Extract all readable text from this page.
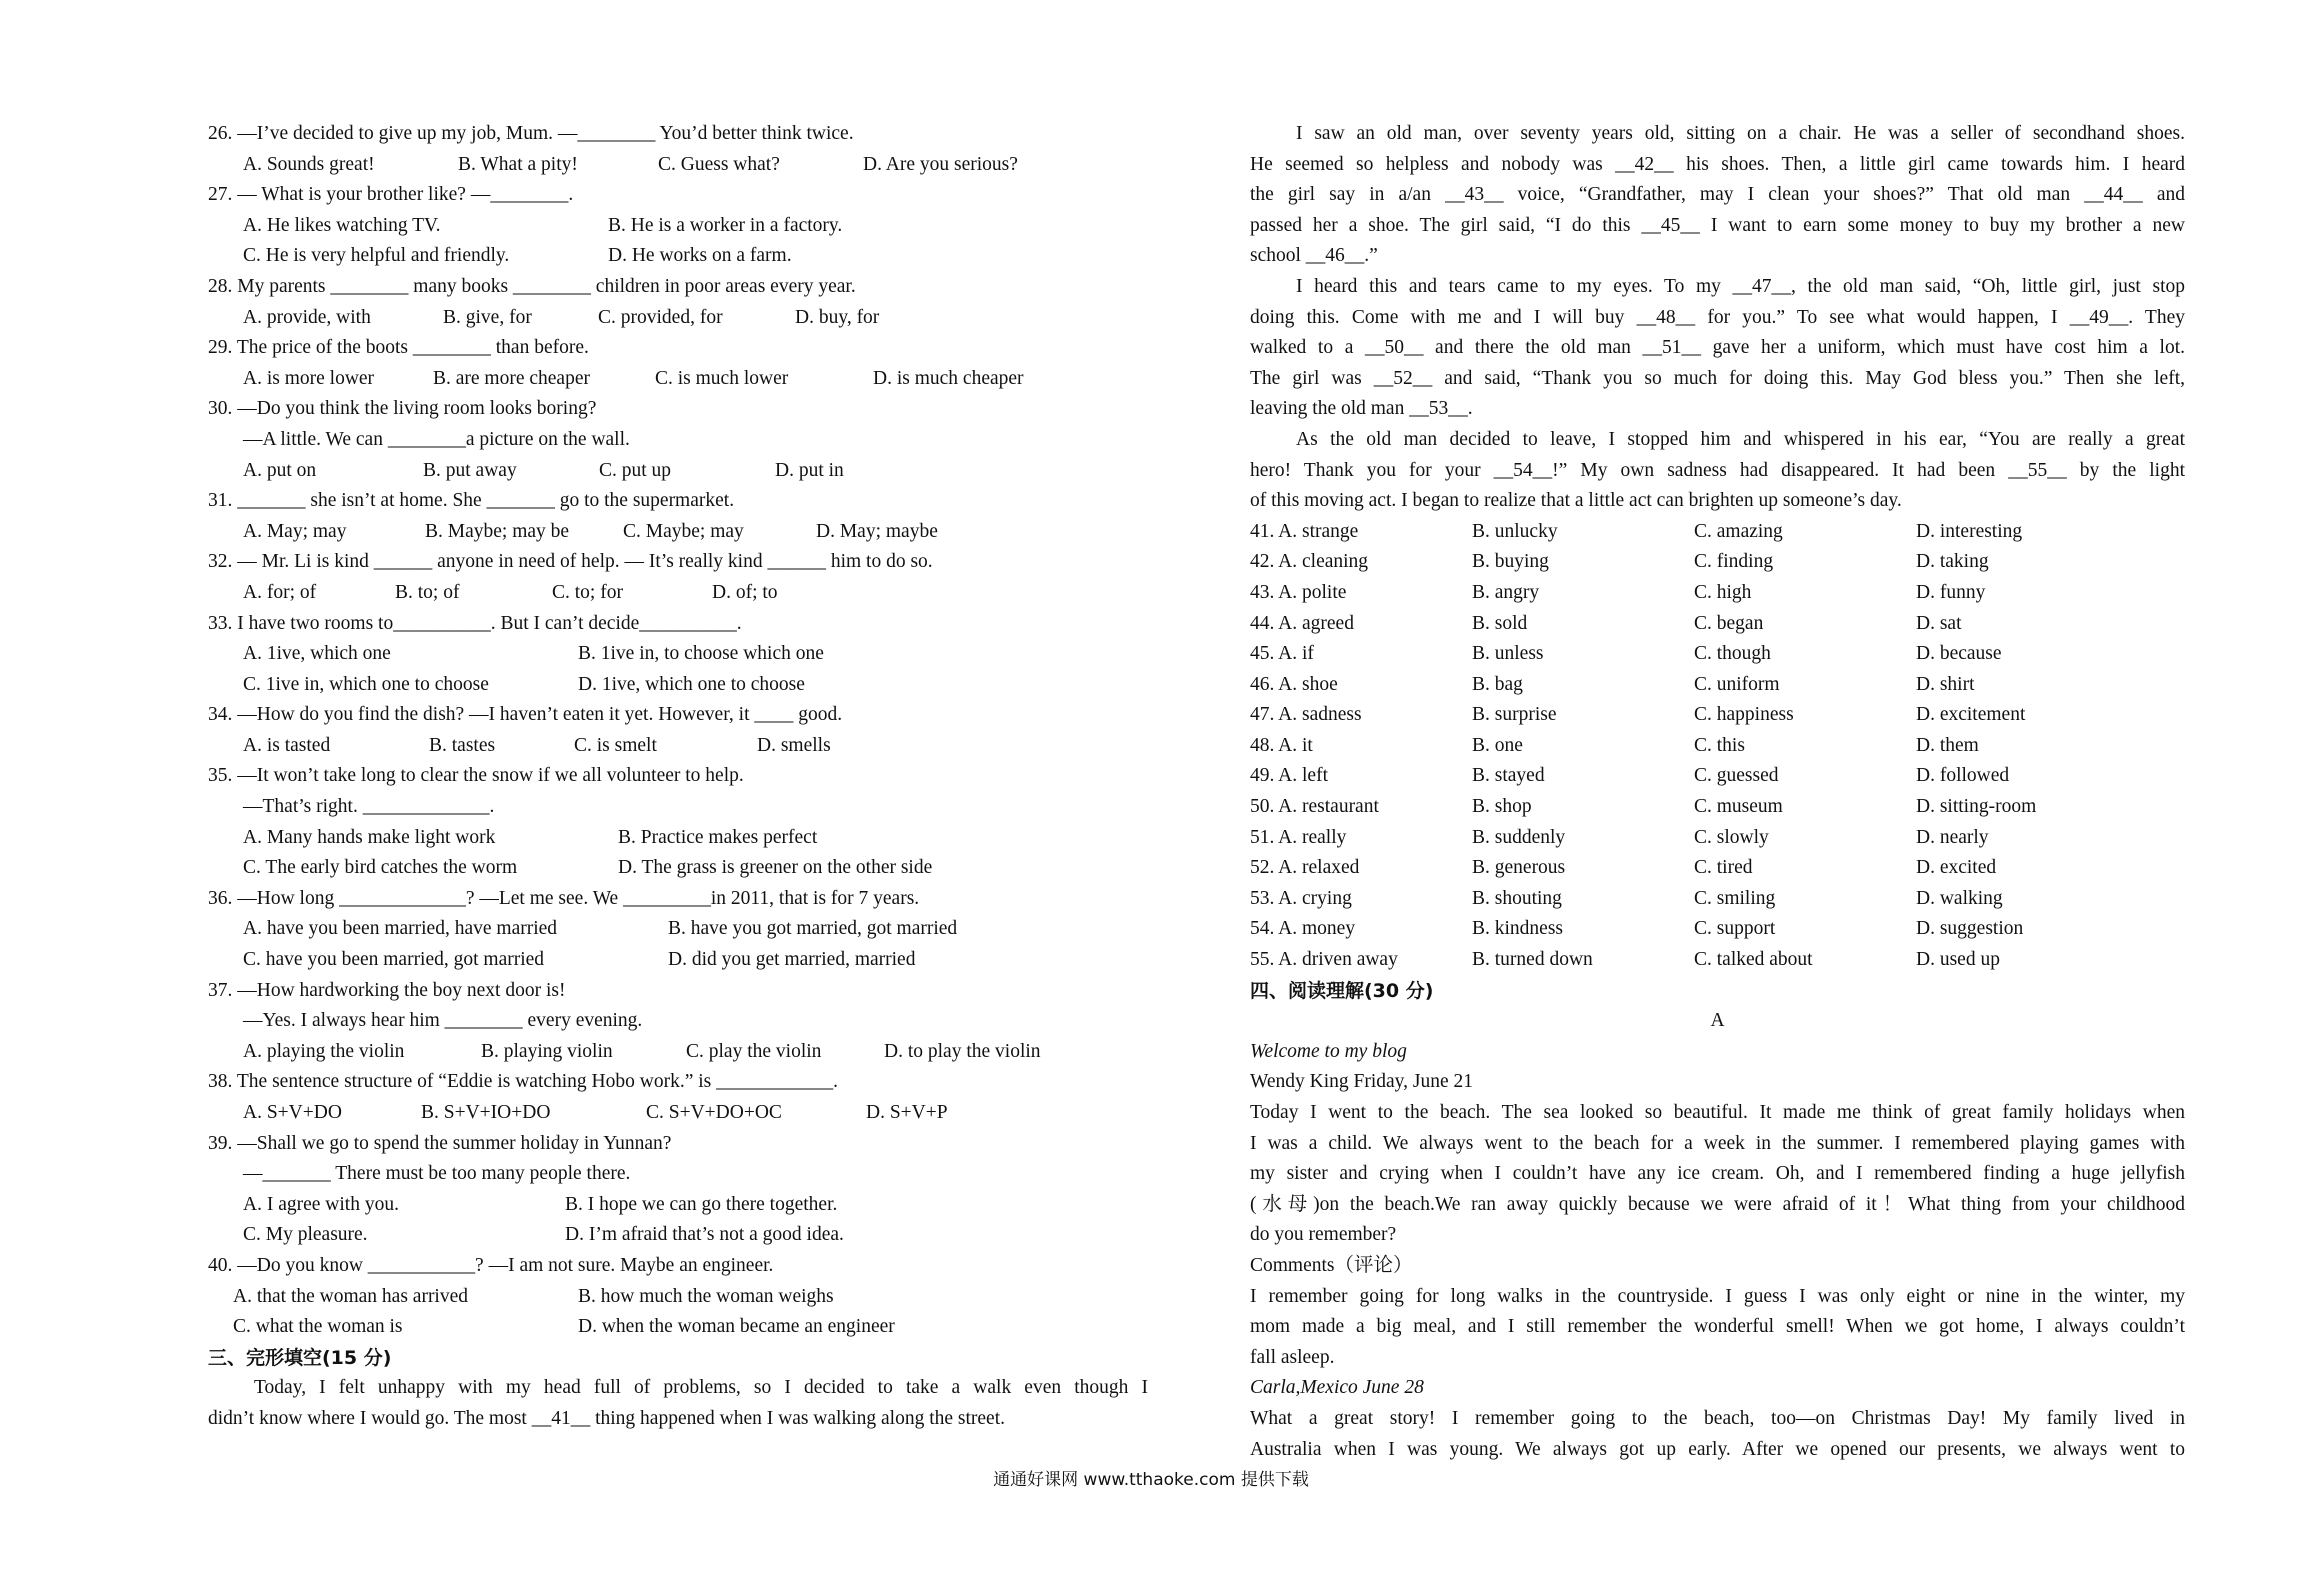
26. —I’ve decided to give up my job, Mum. —________ You’d better think twice.
A. Sounds great!	B. What a pity!	C. Guess what?	D. Are you serious?
27. — What is your brother like? —________.
A. He likes watching TV.	B. He is a worker in a factory.
C. He is very helpful and friendly.	D. He works on a farm.
28. My parents ________ many books ________ children in poor areas every year.
A. provide, with	B. give, for	C. provided, for	D. buy, for
29. The price of the boots ________ than before.
A. is more lower	B. are more cheaper	C. is much lower	D. is much cheaper
30. —Do you think the living room looks boring?
—A little. We can ________a picture on the wall.
A. put on	B. put away	C. put up	D. put in
31. _______ she isn’t at home. She _______ go to the supermarket.
A. May; may	B. Maybe; may be	C. Maybe; may	D. May; maybe
32. — Mr. Li is kind ______ anyone in need of help. — It’s really kind ______ him to do so.
A. for; of	B. to; of	C. to; for	D. of; to
33. I have two rooms to__________. But I can’t decide__________.
A. 1ive, which one	B. 1ive in, to choose which one
C. 1ive in, which one to choose	D. 1ive, which one to choose
34. —How do you find the dish? —I haven’t eaten it yet. However, it ____ good.
A. is tasted	B. tastes	C. is smelt	D. smells
35. —It won’t take long to clear the snow if we all volunteer to help.
—That’s right. _____________.
A. Many hands make light work	B. Practice makes perfect
C. The early bird catches the worm	D. The grass is greener on the other side
36. —How long _____________? —Let me see. We _________in 2011, that is for 7 years.
A. have you been married, have married	B. have you got married, got married
C. have you been married, got married	D. did you get married, married
37. —How hardworking the boy next door is!
—Yes. I always hear him ________ every evening.
A. playing the violin	B. playing violin	C. play the violin	D. to play the violin
38. The sentence structure of “Eddie is watching Hobo work.” is ____________.
A. S+V+DO	B. S+V+IO+DO	C. S+V+DO+OC	D. S+V+P
39. —Shall we go to spend the summer holiday in Yunnan?
—_______ There must be too many people there.
A. I agree with you.	B. I hope we can go there together.
C. My pleasure.	D. I’m afraid that’s not a good idea.
40. —Do you know ___________? —I am not sure. Maybe an engineer.
A. that the woman has arrived	B. how much the woman weighs
C. what the woman is	D. when the woman became an engineer
三、完形填空(15 分)
Today, I felt unhappy with my head full of problems, so I decided to take a walk even though I
didn’t know where I would go. The most __41__ thing happened when I was walking along the street.
I saw an old man, over seventy years old, sitting on a chair. He was a seller of secondhand shoes.
He seemed so helpless and nobody was __42__ his shoes. Then, a little girl came towards him. I heard
the girl say in a/an __43__ voice, “Grandfather, may I clean your shoes?” That old man __44__ and
passed her a shoe. The girl said, “I do this __45__ I want to earn some money to buy my brother a new
school __46__.”
I heard this and tears came to my eyes. To my __47__, the old man said, “Oh, little girl, just stop
doing this. Come with me and I will buy __48__ for you.” To see what would happen, I __49__. They
walked to a __50__ and there the old man __51__ gave her a uniform, which must have cost him a lot.
The girl was __52__ and said, “Thank you so much for doing this. May God bless you.” Then she left,
leaving the old man __53__.
As the old man decided to leave, I stopped him and whispered in his ear, “You are really a great
hero! Thank you for your __54__!” My own sadness had disappeared. It had been __55__ by the light
of this moving act. I began to realize that a little act can brighten up someone’s day.
41. A. strange	B. unlucky	C. amazing	D. interesting
42. A. cleaning	B. buying	C. finding	D. taking
43. A. polite	B. angry	C. high	D. funny
44. A. agreed	B. sold	C. began	D. sat
45. A. if	B. unless	C. though	D. because
46. A. shoe	B. bag	C. uniform	D. shirt
47. A. sadness	B. surprise	C. happiness	D. excitement
48. A. it	B. one	C. this	D. them
49. A. left	B. stayed	C. guessed	D. followed
50. A. restaurant	B. shop	C. museum	D. sitting-room
51. A. really	B. suddenly	C. slowly	D. nearly
52. A. relaxed	B. generous	C. tired	D. excited
53. A. crying	B. shouting	C. smiling	D. walking
54. A. money	B. kindness	C. support	D. suggestion
55. A. driven away	B. turned down	C. talked about	D. used up
四、阅读理解(30 分)
A
Welcome to my blog
Wendy King Friday, June 21
Today I went to the beach. The sea looked so beautiful. It made me think of great family holidays when
I was a child. We always went to the beach for a week in the summer. I remembered playing games with
my sister and crying when I couldn’t have any ice cream. Oh, and I remembered finding a huge jellyfish
(水母)on the beach.We ran away quickly because we were afraid of it！What thing from your childhood
do you remember?
Comments（评论）
I remember going for long walks in the countryside. I guess I was only eight or nine in the winter, my
mom made a big meal, and I still remember the wonderful smell! When we got home, I always couldn’t
fall asleep.
Carla,Mexico June 28
What a great story! I remember going to the beach, too—on Christmas Day! My family lived in
Australia when I was young. We always got up early. After we opened our presents, we always went to
通通好课网 www.tthaoke.com 提供下载
